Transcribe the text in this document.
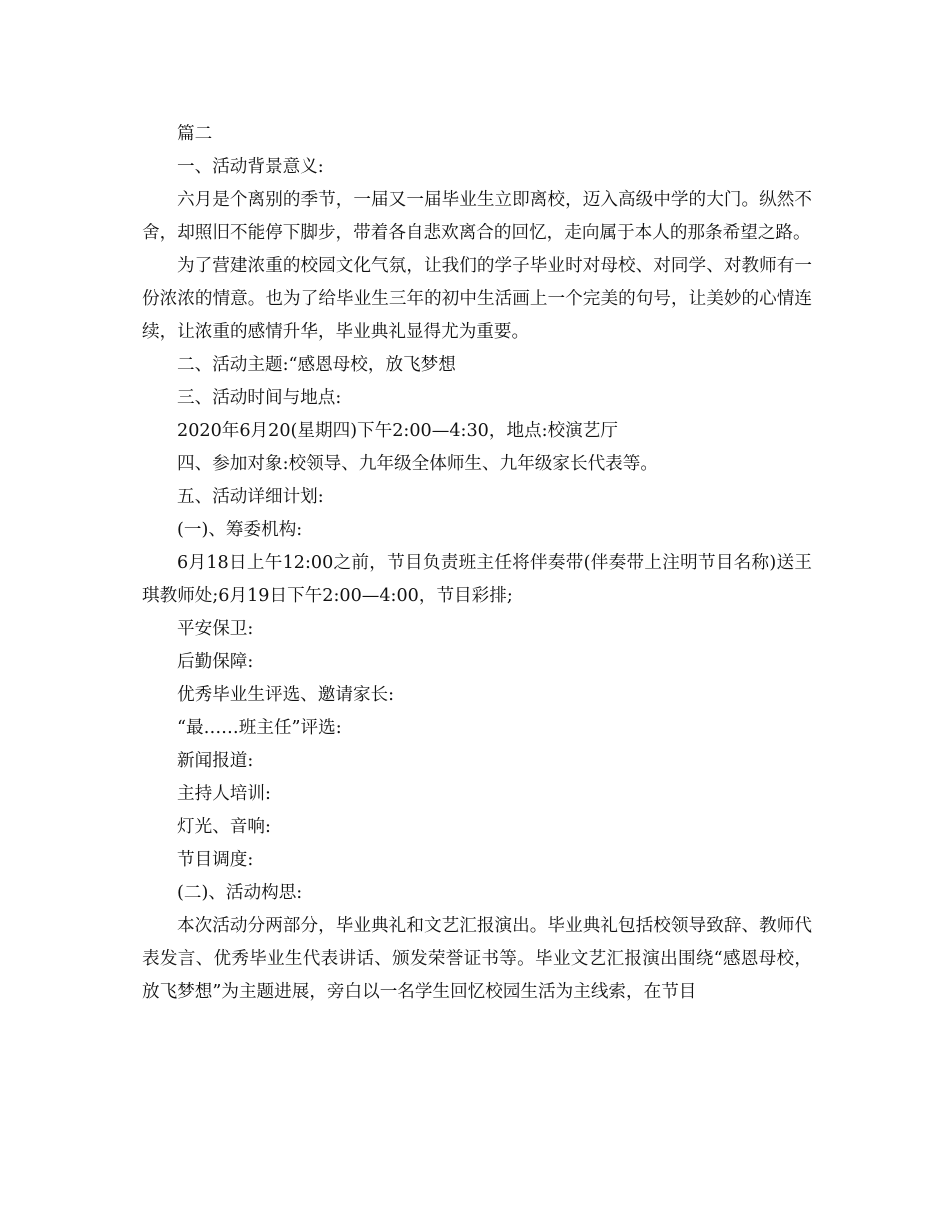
篇二

一、活动背景意义:

六月是个离别的季节，一届又一届毕业生立即离校，迈入高级中学的大门。纵然不舍，却照旧不能停下脚步，带着各自悲欢离合的回忆，走向属于本人的那条希望之路。

为了营建浓重的校园文化气氛，让我们的学子毕业时对母校、对同学、对教师有一份浓浓的情意。也为了给毕业生三年的初中生活画上一个完美的句号，让美妙的心情连续，让浓重的感情升华，毕业典礼显得尤为重要。

二、活动主题:“感恩母校，放飞梦想

三、活动时间与地点:

2020年6月20(星期四)下午2:00—4:30，地点:校演艺厅

四、参加对象:校领导、九年级全体师生、九年级家长代表等。

五、活动详细计划:

(一)、筹委机构:

6月18日上午12:00之前，节目负责班主任将伴奏带(伴奏带上注明节目名称)送王琪教师处;6月19日下午2:00—4:00，节目彩排;

平安保卫:

后勤保障:

优秀毕业生评选、邀请家长:

“最……班主任”评选:

新闻报道:

主持人培训:

灯光、音响:

节目调度:

(二)、活动构思:

本次活动分两部分，毕业典礼和文艺汇报演出。毕业典礼包括校领导致辞、教师代表发言、优秀毕业生代表讲话、颁发荣誉证书等。毕业文艺汇报演出围绕“感恩母校，放飞梦想”为主题进展，旁白以一名学生回忆校园生活为主线索，在节目
